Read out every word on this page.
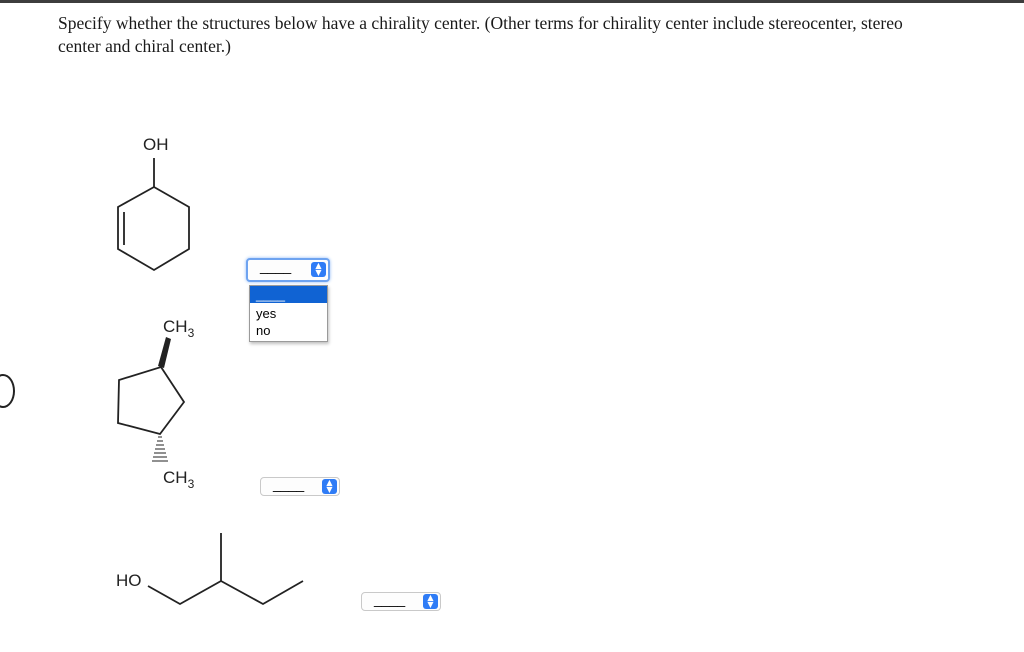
Specify whether the structures below have a chirality center. (Other terms for chirality center include stereocenter, stereo
center and chiral center.)
OH
$CH_3$
$CH_3$
HO
____	▲
▼
____
yes
no
____	▲
▼
____	▲
▼
